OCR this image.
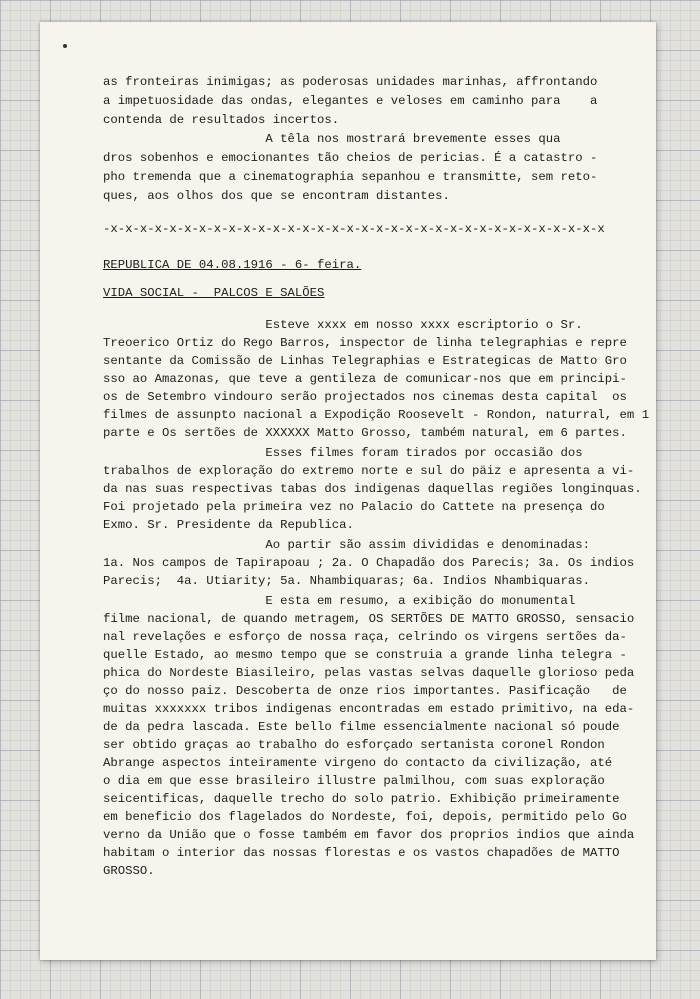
as fronteiras inimigas; as poderosas unidades marinhas, affrontando

a impetuosidade das ondas, elegantes e veloses em caminho para    a

contenda de resultados incertos.

A têla nos mostrará brevemente esses qua

dros sobenhos e emocionantes tão cheios de pericias. É a catastro -

pho tremenda que a cinematographia sepanhou e transmitte, sem reto-

ques, aos olhos dos que se encontram distantes.

-x-x-x-x-x-x-x-x-x-x-x-x-x-x-x-x-x-x-x-x-x-x-x-x-x-x-x-x-x-x-x-x-x-x

REPUBLICA DE 04.08.1916 - 6- feira.

VIDA SOCIAL -  PALCOS E SALÕES

Esteve xxxx em nosso xxxx escriptorio o Sr.

Treoerico Ortiz do Rego Barros, inspector de linha telegraphias e repre

sentante da Comissão de Linhas Telegraphias e Estrategicas de Matto Gro

sso ao Amazonas, que teve a gentileza de comunicar-nos que em principi-

os de Setembro vindouro serão projectados nos cinemas desta capital  os

filmes de assunpto nacional a Expodição Roosevelt - Rondon, naturral, em 1

parte e Os sertões de XXXXXX Matto Grosso, também natural, em 6 partes.

Esses filmes foram tirados por occasião dos

trabalhos de exploração do extremo norte e sul do päiz e apresenta a vi-

da nas suas respectivas tabas dos indigenas daquellas regiões longinquas.

Foi projetado pela primeira vez no Palacio do Cattete na presença do

Exmo. Sr. Presidente da Republica.

Ao partir são assim divididas e denominadas:

1a. Nos campos de Tapirapoau ; 2a. O Chapadão dos Parecis; 3a. Os indios

Parecis;  4a. Utiarity; 5a. Nhambiquaras; 6a. Indios Nhambiquaras.

E esta em resumo, a exibição do monumental

filme nacional, de quando metragem, OS SERTÕES DE MATTO GROSSO, sensacio

nal revelações e esforço de nossa raça, celrindo os virgens sertões da-

quelle Estado, ao mesmo tempo que se construia a grande linha telegra -

phica do Nordeste Biasileiro, pelas vastas selvas daquelle glorioso peda

ço do nosso paiz. Descoberta de onze rios importantes. Pasificação   de

muitas xxxxxxx tribos indigenas encontradas em estado primitivo, na eda-

de da pedra lascada. Este bello filme essencialmente nacional só poude

ser obtido graças ao trabalho do esforçado sertanista coronel Rondon

Abrange aspectos inteiramente virgeno do contacto da civilização, até

o dia em que esse brasileiro illustre palmilhou, com suas exploração

seicentificas, daquelle trecho do solo patrio. Exhibição primeiramente

em beneficio dos flagelados do Nordeste, foi, depois, permitido pelo Go

verno da União que o fosse também em favor dos proprios indios que ainda

habitam o interior das nossas florestas e os vastos chapadões de MATTO

GROSSO.
